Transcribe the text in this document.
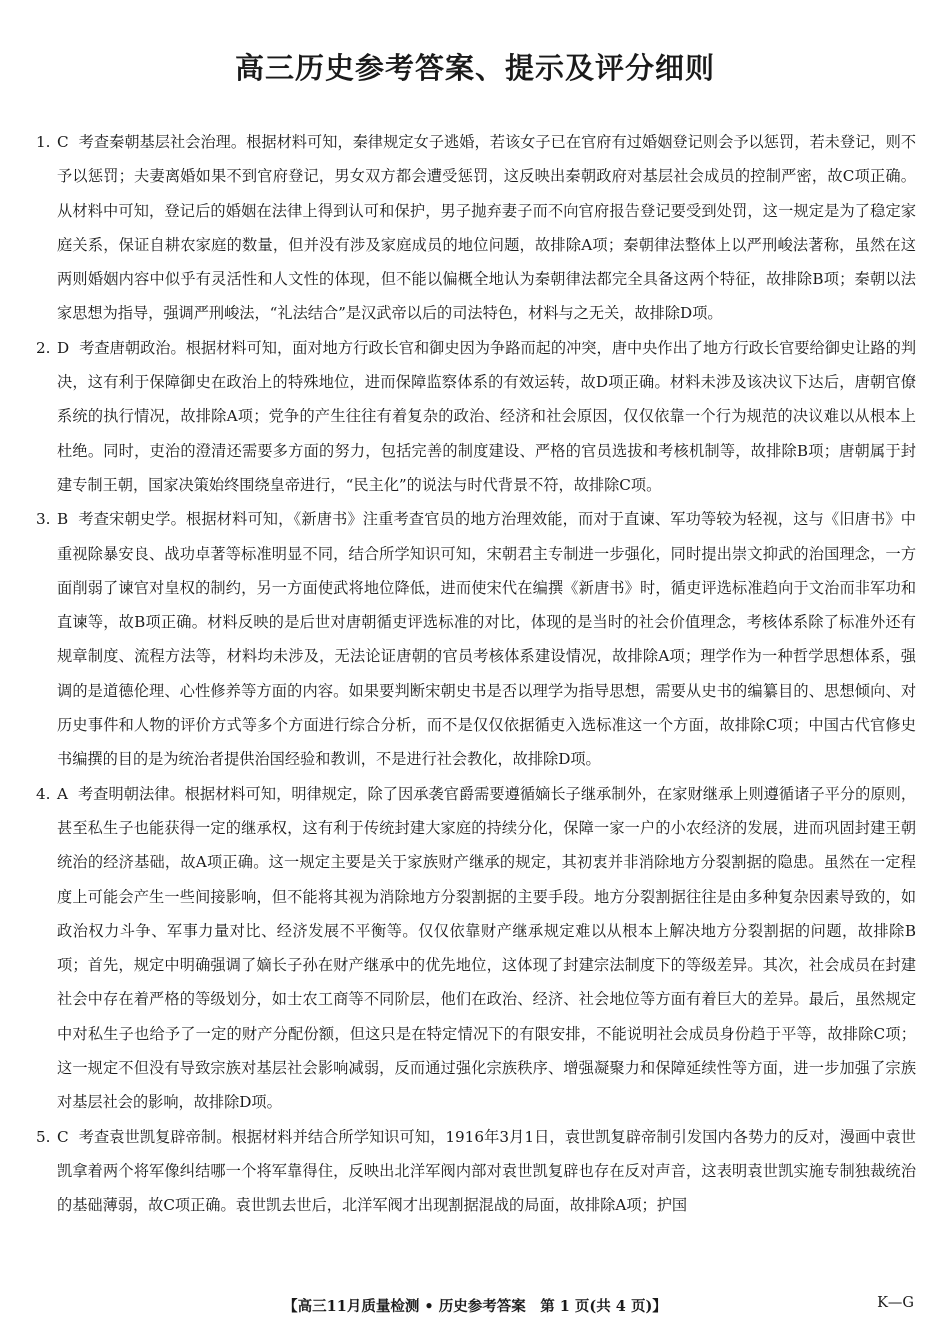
高三历史参考答案、提示及评分细则
1. C 考查秦朝基层社会治理。根据材料可知，秦律规定女子逃婚，若该女子已在官府有过婚姻登记则会予以惩罚，若未登记，则不予以惩罚；夫妻离婚如果不到官府登记，男女双方都会遭受惩罚，这反映出秦朝政府对基层社会成员的控制严密，故C项正确。从材料中可知，登记后的婚姻在法律上得到认可和保护，男子抛弃妻子而不向官府报告登记要受到处罚，这一规定是为了稳定家庭关系，保证自耕农家庭的数量，但并没有涉及家庭成员的地位问题，故排除A项；秦朝律法整体上以严刑峻法著称，虽然在这两则婚姻内容中似乎有灵活性和人文性的体现，但不能以偏概全地认为秦朝律法都完全具备这两个特征，故排除B项；秦朝以法家思想为指导，强调严刑峻法，“礼法结合”是汉武帝以后的司法特色，材料与之无关，故排除D项。
2. D 考查唐朝政治。根据材料可知，面对地方行政长官和御史因为争路而起的冲突，唐中央作出了地方行政长官要给御史让路的判决，这有利于保障御史在政治上的特殊地位，进而保障监察体系的有效运转，故D项正确。材料未涉及该决议下达后，唐朝官僚系统的执行情况，故排除A项；党争的产生往往有着复杂的政治、经济和社会原因，仅仅依靠一个行为规范的决议难以从根本上杜绝。同时，吏治的澄清还需要多方面的努力，包括完善的制度建设、严格的官员选拔和考核机制等，故排除B项；唐朝属于封建专制王朝，国家决策始终围绕皇帝进行，“民主化”的说法与时代背景不符，故排除C项。
3. B 考查宋朝史学。根据材料可知，《新唐书》注重考查官员的地方治理效能，而对于直谏、军功等较为轻视，这与《旧唐书》中重视除暴安良、战功卓著等标准明显不同，结合所学知识可知，宋朝君主专制进一步强化，同时提出崇文抑武的治国理念，一方面削弱了谏官对皇权的制约，另一方面使武将地位降低，进而使宋代在编撰《新唐书》时，循吏评选标准趋向于文治而非军功和直谏等，故B项正确。材料反映的是后世对唐朝循吏评选标准的对比，体现的是当时的社会价值理念，考核体系除了标准外还有规章制度、流程方法等，材料均未涉及，无法论证唐朝的官员考核体系建设情况，故排除A项；理学作为一种哲学思想体系，强调的是道德伦理、心性修养等方面的内容。如果要判断宋朝史书是否以理学为指导思想，需要从史书的编纂目的、思想倾向、对历史事件和人物的评价方式等多个方面进行综合分析，而不是仅仅依据循吏入选标准这一个方面，故排除C项；中国古代官修史书编撰的目的是为统治者提供治国经验和教训，不是进行社会教化，故排除D项。
4. A 考查明朝法律。根据材料可知，明律规定，除了因承袭官爵需要遵循嫡长子继承制外，在家财继承上则遵循诸子平分的原则，甚至私生子也能获得一定的继承权，这有利于传统封建大家庭的持续分化，保障一家一户的小农经济的发展，进而巩固封建王朝统治的经济基础，故A项正确。这一规定主要是关于家族财产继承的规定，其初衷并非消除地方分裂割据的隐患。虽然在一定程度上可能会产生一些间接影响，但不能将其视为消除地方分裂割据的主要手段。地方分裂割据往往是由多种复杂因素导致的，如政治权力斗争、军事力量对比、经济发展不平衡等。仅仅依靠财产继承规定难以从根本上解决地方分裂割据的问题，故排除B项；首先，规定中明确强调了嫡长子孙在财产继承中的优先地位，这体现了封建宗法制度下的等级差异。其次，社会成员在封建社会中存在着严格的等级划分，如士农工商等不同阶层，他们在政治、经济、社会地位等方面有着巨大的差异。最后，虽然规定中对私生子也给予了一定的财产分配份额，但这只是在特定情况下的有限安排，不能说明社会成员身份趋于平等，故排除C项；这一规定不但没有导致宗族对基层社会影响减弱，反而通过强化宗族秩序、增强凝聚力和保障延续性等方面，进一步加强了宗族对基层社会的影响，故排除D项。
5. C 考查袁世凯复辟帝制。根据材料并结合所学知识可知，1916年3月1日，袁世凯复辟帝制引发国内各势力的反对，漫画中袁世凯拿着两个将军像纠结哪一个将军靠得住，反映出北洋军阀内部对袁世凯复辟也存在反对声音，这表明袁世凯实施专制独裁统治的基础薄弱，故C项正确。袁世凯去世后，北洋军阀才出现割据混战的局面，故排除A项；护国
【高三11月质量检测 • 历史参考答案　第 1 页(共 4 页)】	K—G
